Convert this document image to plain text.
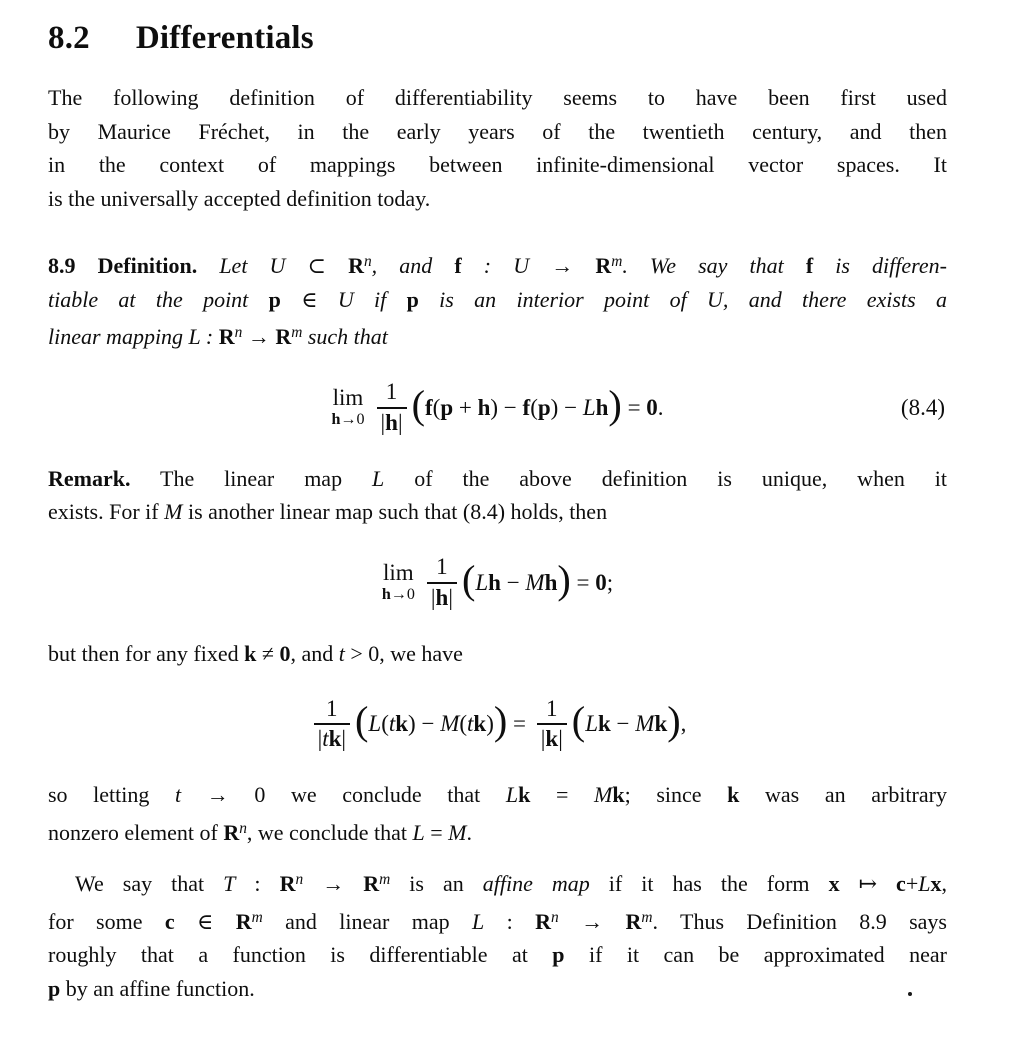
8.2 Differentials
The following definition of differentiability seems to have been first used
by Maurice Fréchet, in the early years of the twentieth century, and then
in the context of mappings between infinite-dimensional vector spaces. It
is the universally accepted definition today.
8.9 Definition. Let U ⊂ $R^n$, and f : $U \to R^m$. We say that f is differen-
tiable at the point p ∈ U if p is an interior point of U, and there exists a
linear mapping L : $R^n \to R^m$ such that
lim
$h\to 0 \frac{1}{|h|} (f(p + h) - f(p) - Lh) = 0$.	(8.4)
Remark. The linear map L of the above definition is unique, when it
exists. For if M is another linear map such that (8.4) holds, then
lim
$h\to 0 \frac{1}{|h|} (Lh - Mh) = 0$;
but then for any fixed k ≠ 0, and t > 0, we have
$\frac{1}{|tk|} (L(tk) - M(tk)) = \frac{1}{|k|} (Lk - Mk)$,
so letting t → 0 we conclude that Lk = Mk; since k was an arbitrary
nonzero element of $R^n$, we conclude that L = M.
We say that T : $R^n \to R^m$ is an affine map if it has the form x ↦ c+Lx,
for some c ∈ $R^m$ and linear map L : $R^n \to R^m$. Thus Definition 8.9 says
roughly that a function is differentiable at p if it can be approximated near
p by an affine function.
